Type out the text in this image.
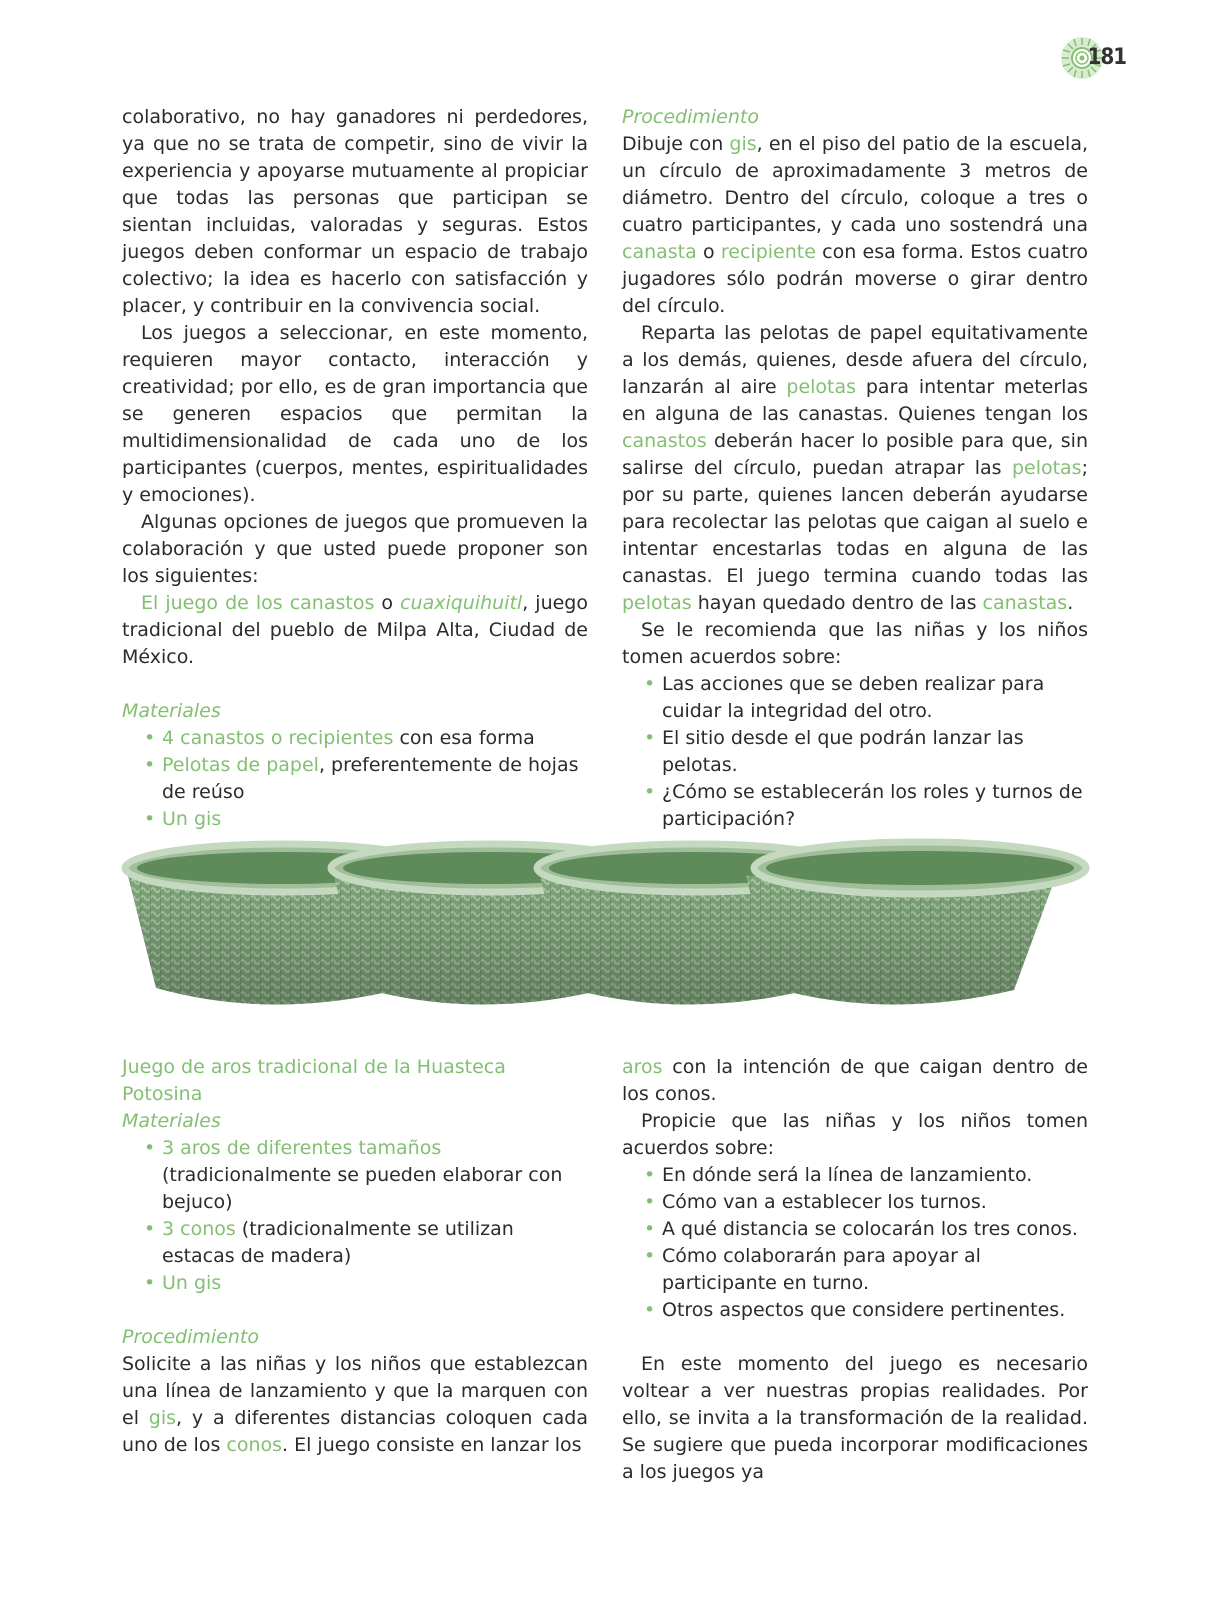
181

colaborativo, no hay ganadores ni perdedores, ya que no se trata de competir, sino de vivir la experiencia y apoyarse mutuamente al propiciar que todas las personas que participan se sientan incluidas, valoradas y seguras. Estos juegos deben conformar un espacio de trabajo colectivo; la idea es hacerlo con satisfacción y placer, y contribuir en la convivencia social.

Los juegos a seleccionar, en este momento, requieren mayor contacto, interacción y creatividad; por ello, es de gran importancia que se generen espacios que permitan la multidimensionalidad de cada uno de los participantes (cuerpos, mentes, espiritualidades y emociones).

Algunas opciones de juegos que promueven la colaboración y que usted puede proponer son los siguientes:

El juego de los canastos o cuaxiquihuitl, juego tradicional del pueblo de Milpa Alta, Ciudad de México.

Materiales

• 4 canastos o recipientes con esa forma
• Pelotas de papel, preferentemente de hojas de reúso
• Un gis

Procedimiento

Dibuje con gis, en el piso del patio de la escuela, un círculo de aproximadamente 3 metros de diámetro. Dentro del círculo, coloque a tres o cuatro participantes, y cada uno sostendrá una canasta o recipiente con esa forma. Estos cuatro jugadores sólo podrán moverse o girar dentro del círculo.

Reparta las pelotas de papel equitativamente a los demás, quienes, desde afuera del círculo, lanzarán al aire pelotas para intentar meterlas en alguna de las canastas. Quienes tengan los canastos deberán hacer lo posible para que, sin salirse del círculo, puedan atrapar las pelotas; por su parte, quienes lancen deberán ayudarse para recolectar las pelotas que caigan al suelo e intentar encestarlas todas en alguna de las canastas. El juego termina cuando todas las pelotas hayan quedado dentro de las canastas.

Se le recomienda que las niñas y los niños tomen acuerdos sobre:

• Las acciones que se deben realizar para cuidar la integridad del otro.
• El sitio desde el que podrán lanzar las pelotas.
• ¿Cómo se establecerán los roles y turnos de participación?

Juego de aros tradicional de la Huasteca Potosina

Materiales

• 3 aros de diferentes tamaños
(tradicionalmente se pueden elaborar con bejuco)
• 3 conos (tradicionalmente se utilizan estacas de madera)
• Un gis

Procedimiento

Solicite a las niñas y los niños que establezcan una línea de lanzamiento y que la marquen con el gis, y a diferentes distancias coloquen cada uno de los conos. El juego consiste en lanzar los

aros con la intención de que caigan dentro de los conos.

Propicie que las niñas y los niños tomen acuerdos sobre:

• En dónde será la línea de lanzamiento.
• Cómo van a establecer los turnos.
• A qué distancia se colocarán los tres conos.
• Cómo colaborarán para apoyar al participante en turno.
• Otros aspectos que considere pertinentes.

En este momento del juego es necesario voltear a ver nuestras propias realidades. Por ello, se invita a la transformación de la realidad. Se sugiere que pueda incorporar modificaciones a los juegos ya
